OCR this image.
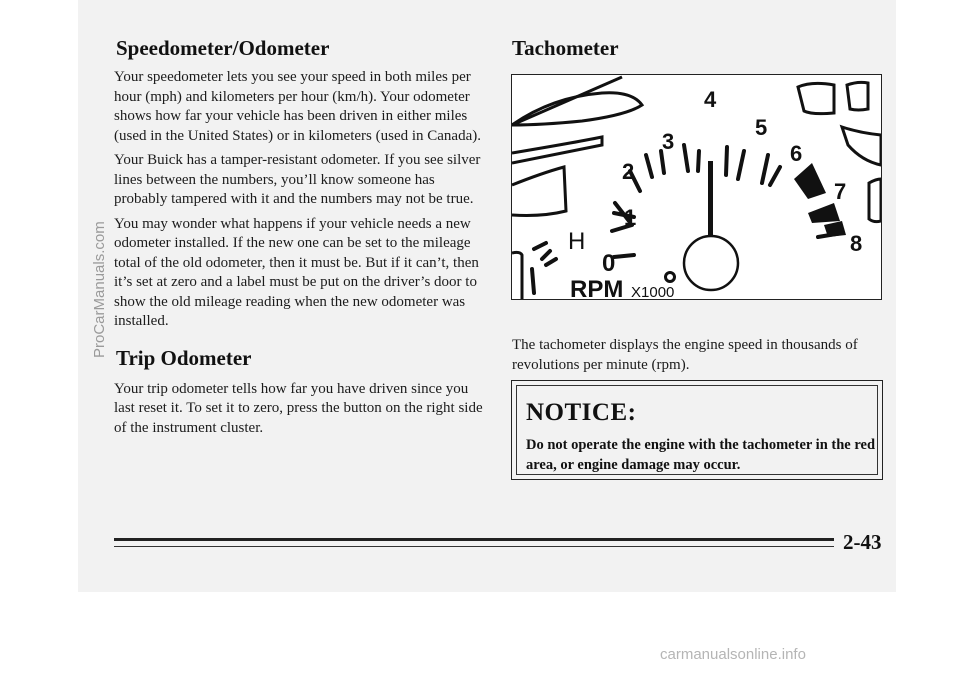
ProCarManuals.com
Speedometer/Odometer

Your speedometer lets you see your speed in both miles per hour (mph) and kilometers per hour (km/h). Your odometer shows how far your vehicle has been driven in either miles (used in the United States) or in kilometers (used in Canada).

Your Buick has a tamper-resistant odometer. If you see silver lines between the numbers, you’ll know someone has probably tampered with it and the numbers may not be true.

You may wonder what happens if your vehicle needs a new odometer installed. If the new one can be set to the mileage total of the old odometer, then it must be. But if it can’t, then it’s set at zero and a label must be put on the driver’s door to show the old mileage reading when the new odometer was installed.

Trip Odometer

Your trip odometer tells how far you have driven since you last reset it. To set it to zero, press the button on the right side of the instrument cluster.

Tachometer
0
1
2
3
4
5
6
7
8
H
RPM X1000

The tachometer displays the engine speed in thousands of revolutions per minute (rpm).

NOTICE:
Do not operate the engine with the tachometer in the red area, or engine damage may occur.
2-43
carmanualsonline.info
